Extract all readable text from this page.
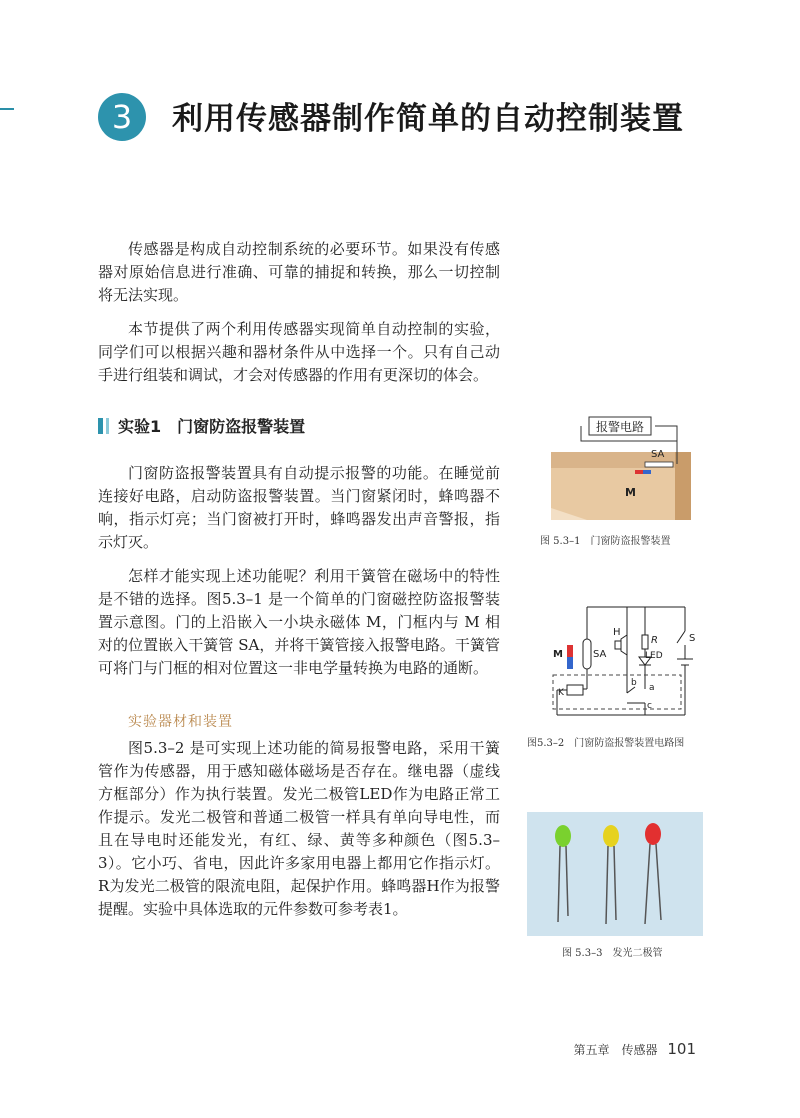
3	利用传感器制作简单的自动控制装置

传感器是构成自动控制系统的必要环节。如果没有传感器对原始信息进行准确、可靠的捕捉和转换，那么一切控制将无法实现。

本节提供了两个利用传感器实现简单自动控制的实验，同学们可以根据兴趣和器材条件从中选择一个。只有自己动手进行组装和调试，才会对传感器的作用有更深切的体会。

实验1 门窗防盗报警装置

门窗防盗报警装置具有自动提示报警的功能。在睡觉前连接好电路，启动防盗报警装置。当门窗紧闭时，蜂鸣器不响，指示灯亮；当门窗被打开时，蜂鸣器发出声音警报，指示灯灭。

怎样才能实现上述功能呢？利用干簧管在磁场中的特性是不错的选择。图5.3–1 是一个简单的门窗磁控防盗报警装置示意图。门的上沿嵌入一小块永磁体 M，门框内与 M 相对的位置嵌入干簧管 SA，并将干簧管接入报警电路。干簧管可将门与门框的相对位置这一非电学量转换为电路的通断。

实验器材和装置

图5.3–2 是可实现上述功能的简易报警电路，采用干簧管作为传感器，用于感知磁体磁场是否存在。继电器（虚线方框部分）作为执行装置。发光二极管LED作为电路正常工作提示。发光二极管和普通二极管一样具有单向导电性，而且在导电时还能发光，有红、绿、黄等多种颜色（图5.3–3）。它小巧、省电，因此许多家用电器上都用它作指示灯。R为发光二极管的限流电阻，起保护作用。蜂鸣器H作为报警提醒。实验中具体选取的元件参数可参考表1。

报警电路
SA
M
图 5.3–1　门窗防盗报警装置
M	SA
H
R	S
LED
K
b a
c
图5.3–2　门窗防盗报警装置电路图
图 5.3–3　发光二极管
第五章　传感器 101
